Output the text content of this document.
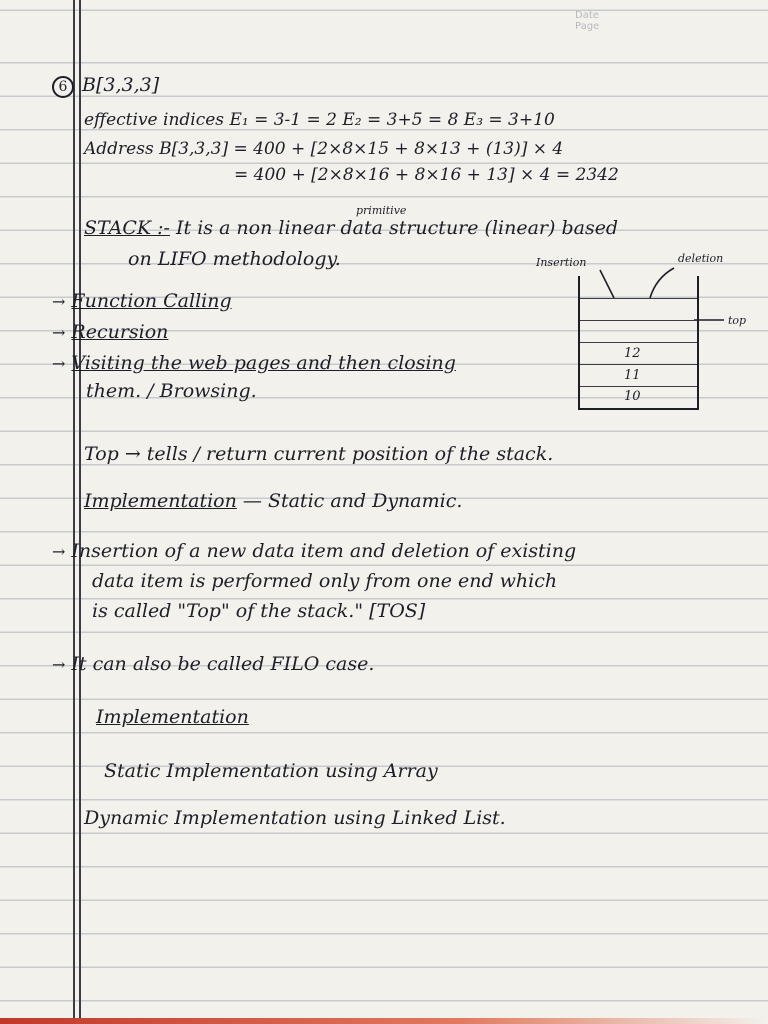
Date
Page
6 B[3,3,3]
effective indices E₁ = 3-1 = 2 E₂ = 3+5 = 8 E₃ = 3+10
Address B[3,3,3] = 400 + [2×8×15 + 8×13 + (13)] × 4
= 400 + [2×8×16 + 8×16 + 13] × 4 = 2342
primitive
STACK :- It is a non linear data structure (linear) based
on LIFO methodology.
→ Function Calling
→ Recursion
→ Visiting the web pages and then closing
them. / Browsing.
Insertion	deletion
top
12
11
10
Top → tells / return current position of the stack.
Implementation — Static and Dynamic.
→ Insertion of a new data item and deletion of existing
data item is performed only from one end which
is called "Top" of the stack." [TOS]
→ It can also be called FILO case.
Implementation
Static Implementation using Array
Dynamic Implementation using Linked List.
